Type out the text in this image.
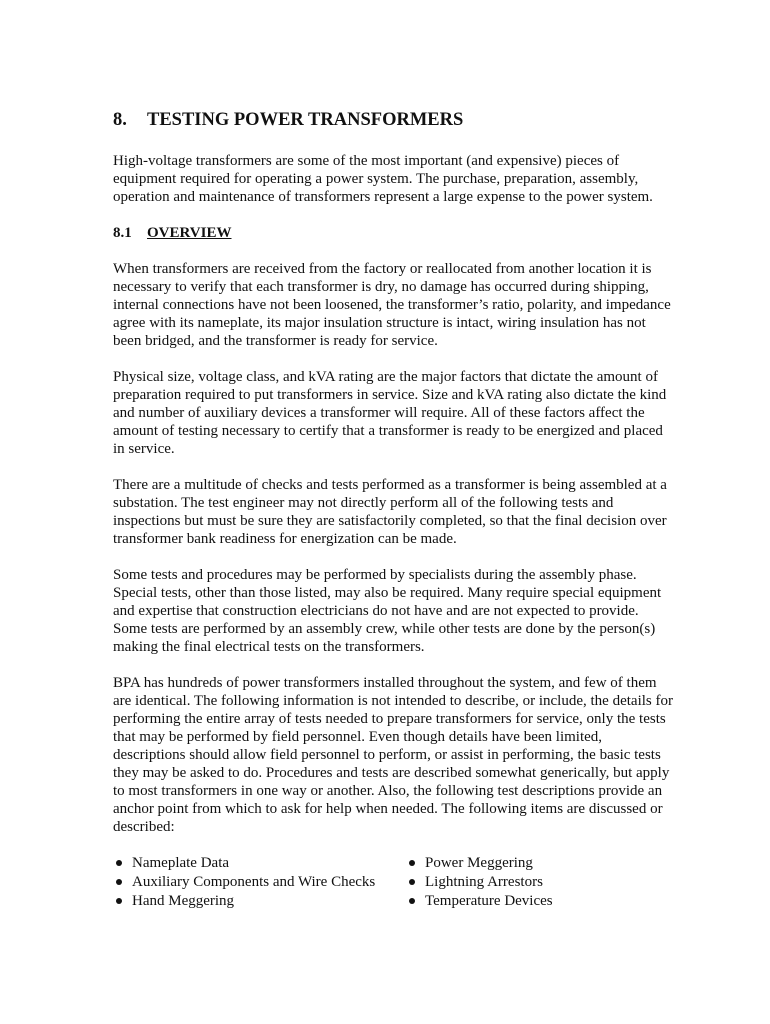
8. TESTING POWER TRANSFORMERS

High-voltage transformers are some of the most important (and expensive) pieces of equipment required for operating a power system. The purchase, preparation, assembly, operation and maintenance of transformers represent a large expense to the power system.

8.1 OVERVIEW

When transformers are received from the factory or reallocated from another location it is necessary to verify that each transformer is dry, no damage has occurred during shipping, internal connections have not been loosened, the transformer’s ratio, polarity, and impedance agree with its nameplate, its major insulation structure is intact, wiring insulation has not been bridged, and the transformer is ready for service.

Physical size, voltage class, and kVA rating are the major factors that dictate the amount of preparation required to put transformers in service. Size and kVA rating also dictate the kind and number of auxiliary devices a transformer will require. All of these factors affect the amount of testing necessary to certify that a transformer is ready to be energized and placed in service.

There are a multitude of checks and tests performed as a transformer is being assembled at a substation. The test engineer may not directly perform all of the following tests and inspections but must be sure they are satisfactorily completed, so that the final decision over transformer bank readiness for energization can be made.

Some tests and procedures may be performed by specialists during the assembly phase. Special tests, other than those listed, may also be required. Many require special equipment and expertise that construction electricians do not have and are not expected to provide. Some tests are performed by an assembly crew, while other tests are done by the person(s) making the final electrical tests on the transformers.

BPA has hundreds of power transformers installed throughout the system, and few of them are identical. The following information is not intended to describe, or include, the details for performing the entire array of tests needed to prepare transformers for service, only the tests that may be performed by field personnel. Even though details have been limited, descriptions should allow field personnel to perform, or assist in performing, the basic tests they may be asked to do. Procedures and tests are described somewhat generically, but apply to most transformers in one way or another. Also, the following test descriptions provide an anchor point from which to ask for help when needed. The following items are discussed or described:

Nameplate Data
Auxiliary Components and Wire Checks
Hand Meggering
Power Meggering
Lightning Arrestors
Temperature Devices
